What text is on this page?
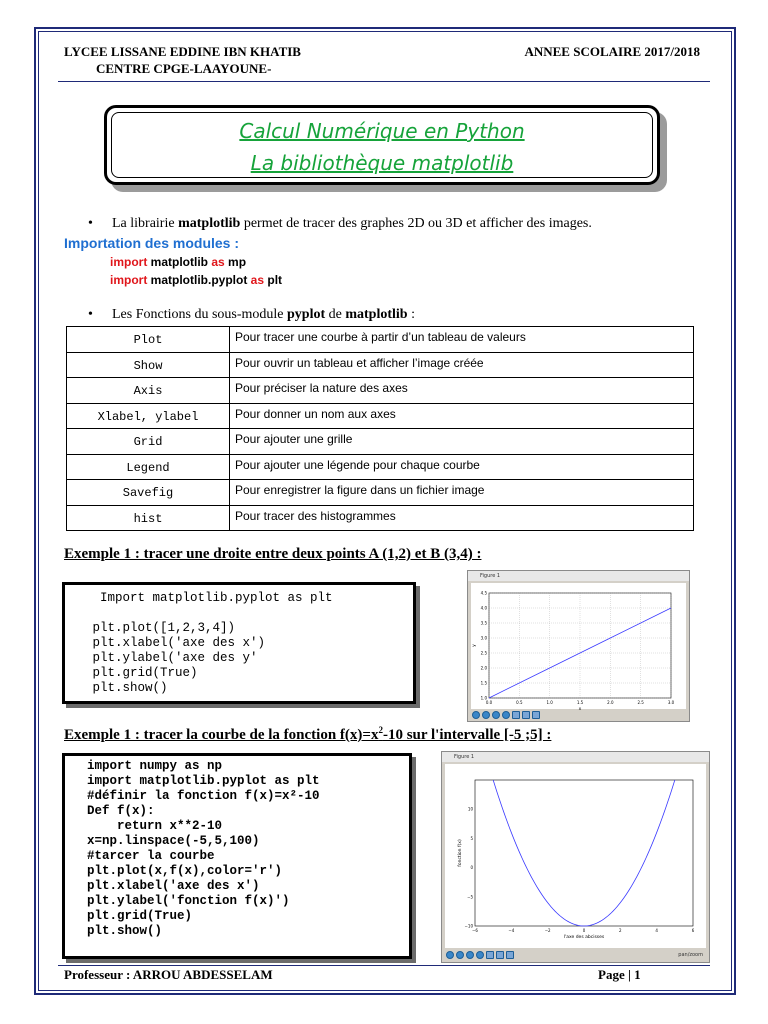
LYCEE LISSANE EDDINE IBN KHATIB
CENTRE CPGE-LAAYOUNE-
ANNEE SCOLAIRE 2017/2018
Calcul Numérique en Python
La bibliothèque matplotlib
• La librairie matplotlib permet de tracer des graphes 2D ou 3D et afficher des images.
Importation des modules :
import matplotlib as mp
import matplotlib.pyplot as plt
• Les Fonctions du sous-module pyplot de matplotlib :
Plot	Pour tracer une courbe à partir d’un tableau de valeurs
Show	Pour ouvrir un tableau et afficher l’image créée
Axis	Pour préciser la nature des axes
Xlabel, ylabel	Pour donner un nom aux axes
Grid	Pour ajouter une grille
Legend	Pour ajouter une légende pour chaque courbe
Savefig	Pour enregistrer la figure dans un fichier image
hist	Pour tracer des histogrammes
Exemple 1 : tracer une droite entre deux points A (1,2) et B (3,4) :
Import matplotlib.pyplot as plt

plt.plot([1,2,3,4])
plt.xlabel('axe des x')
plt.ylabel('axe des y'
plt.grid(True)
plt.show()
Figure 1
0.0	0.5	1.0	1.5	2.0	2.5	3.0
1.0
1.5
2.0
2.5
3.0
3.5
4.0
4.5
x
y
Exemple 1 : tracer la courbe de la fonction $f(x)=x^2-10$ sur l'intervalle [-5 ;5] :
import numpy as np
import matplotlib.pyplot as plt
#définir la fonction f(x)=x²-10
Def f(x):
return x**2-10
x=np.linspace(-5,5,100)
#tarcer la courbe
plt.plot(x,f(x),color='r')
plt.xlabel('axe des x')
plt.ylabel('fonction f(x)')
plt.grid(True)
plt.show()
Figure 1
−6	−4	−2	0	2	4	6
−10
−5
0
5
10
l'axe des abcisses
fonction f(x)
pan/zoom
Professeur : ARROU ABDESSELAM	Page | 1
